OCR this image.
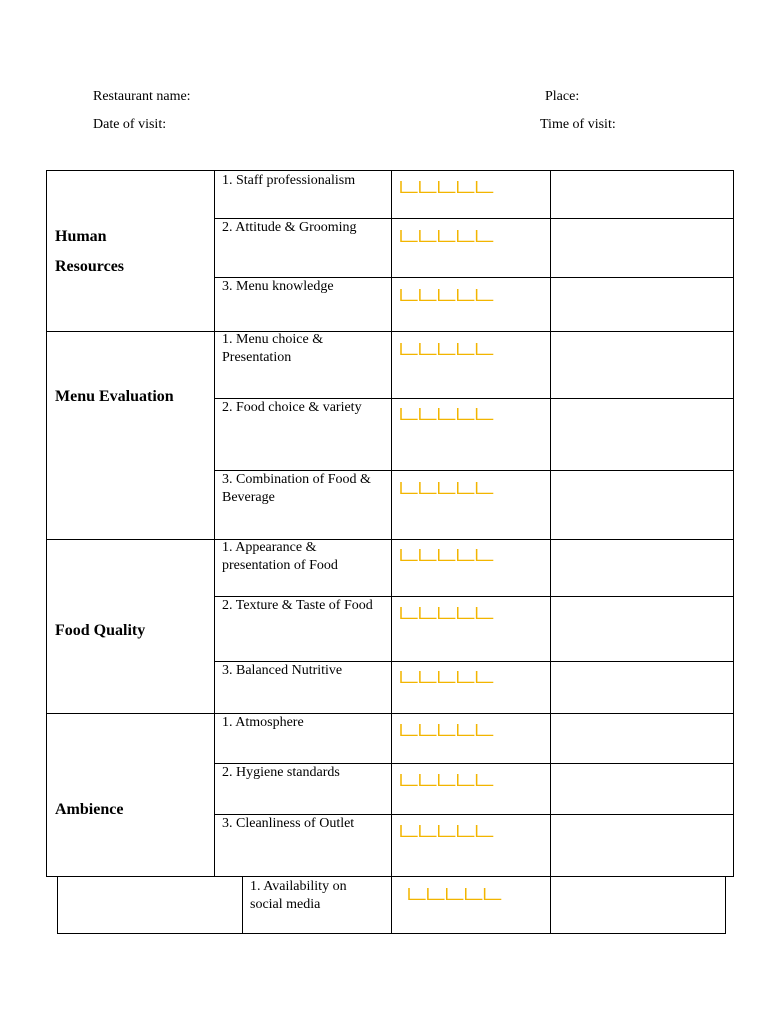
Restaurant name:	Place:
Date of visit:	Time of visit:
Human
Resources
1. Staff professionalism
2. Attitude & Grooming
3. Menu knowledge
Menu Evaluation
1. Menu choice & Presentation
2. Food choice & variety
3. Combination of Food & Beverage
Food Quality
1. Appearance & presentation of Food
2. Texture & Taste of Food
3. Balanced Nutritive
Ambience
1. Atmosphere
2. Hygiene standards
3. Cleanliness of Outlet
1. Availability on social media
டடடடட
டடடடட
டடடடட
டடடடட
டடடடட
டடடடட
டடடடட
டடடடட
டடடடட
டடடடட
டடடடட
டடடடட
டடடடட
